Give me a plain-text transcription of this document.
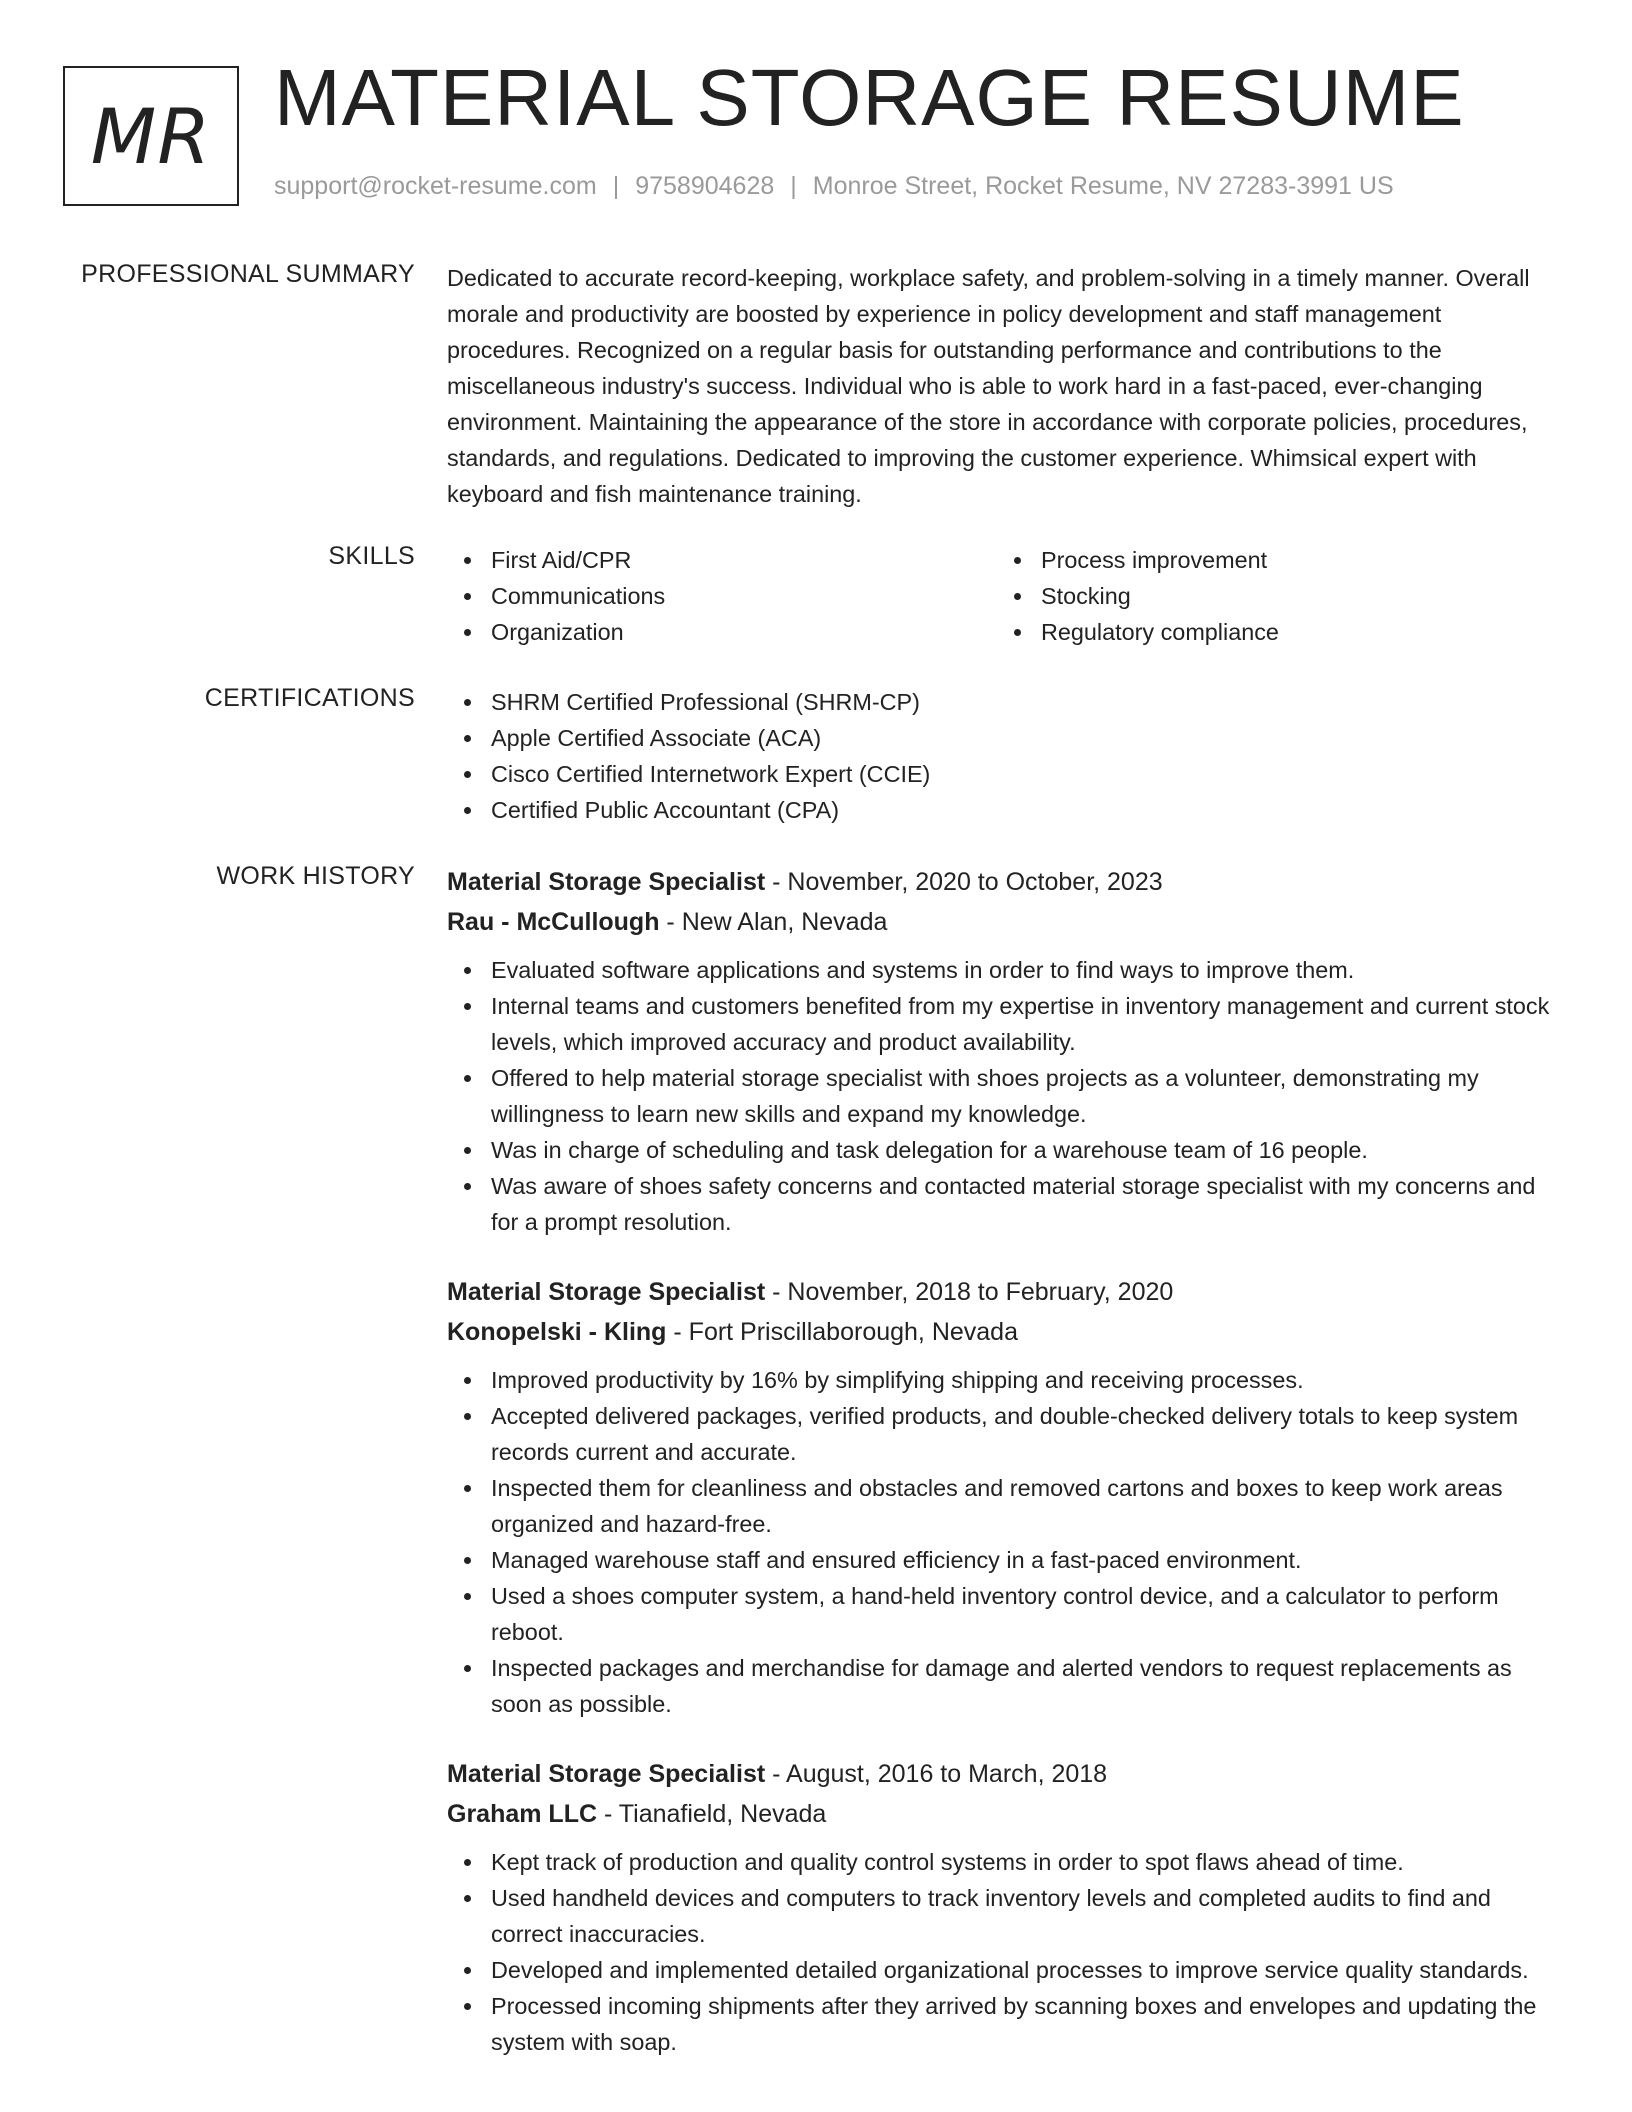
MR MATERIAL STORAGE RESUME
support@rocket-resume.com | 9758904628 | Monroe Street, Rocket Resume, NV 27283-3991 US
PROFESSIONAL SUMMARY Dedicated to accurate record-keeping, workplace safety, and problem-solving in a timely manner. Overall morale and productivity are boosted by experience in policy development and staff management procedures. Recognized on a regular basis for outstanding performance and contributions to the miscellaneous industry's success. Individual who is able to work hard in a fast-paced, ever-changing environment. Maintaining the appearance of the store in accordance with corporate policies, procedures, standards, and regulations. Dedicated to improving the customer experience. Whimsical expert with keyboard and fish maintenance training.

SKILLS	First Aid/CPR
Communications
Organization
Process improvement
Stocking
Regulatory compliance
CERTIFICATIONS	SHRM Certified Professional (SHRM-CP)
Apple Certified Associate (ACA)
Cisco Certified Internetwork Expert (CCIE)
Certified Public Accountant (CPA)
WORK HISTORY Material Storage Specialist - November, 2020 to October, 2023
Rau - McCullough - New Alan, Nevada
Evaluated software applications and systems in order to find ways to improve them.
Internal teams and customers benefited from my expertise in inventory management and current stock levels, which improved accuracy and product availability.
Offered to help material storage specialist with shoes projects as a volunteer, demonstrating my willingness to learn new skills and expand my knowledge.
Was in charge of scheduling and task delegation for a warehouse team of 16 people.
Was aware of shoes safety concerns and contacted material storage specialist with my concerns and for a prompt resolution.
Material Storage Specialist - November, 2018 to February, 2020
Konopelski - Kling - Fort Priscillaborough, Nevada
Improved productivity by 16% by simplifying shipping and receiving processes.
Accepted delivered packages, verified products, and double-checked delivery totals to keep system records current and accurate.
Inspected them for cleanliness and obstacles and removed cartons and boxes to keep work areas organized and hazard-free.
Managed warehouse staff and ensured efficiency in a fast-paced environment.
Used a shoes computer system, a hand-held inventory control device, and a calculator to perform reboot.
Inspected packages and merchandise for damage and alerted vendors to request replacements as soon as possible.
Material Storage Specialist - August, 2016 to March, 2018
Graham LLC - Tianafield, Nevada
Kept track of production and quality control systems in order to spot flaws ahead of time.
Used handheld devices and computers to track inventory levels and completed audits to find and correct inaccuracies.
Developed and implemented detailed organizational processes to improve service quality standards.
Processed incoming shipments after they arrived by scanning boxes and envelopes and updating the system with soap.
